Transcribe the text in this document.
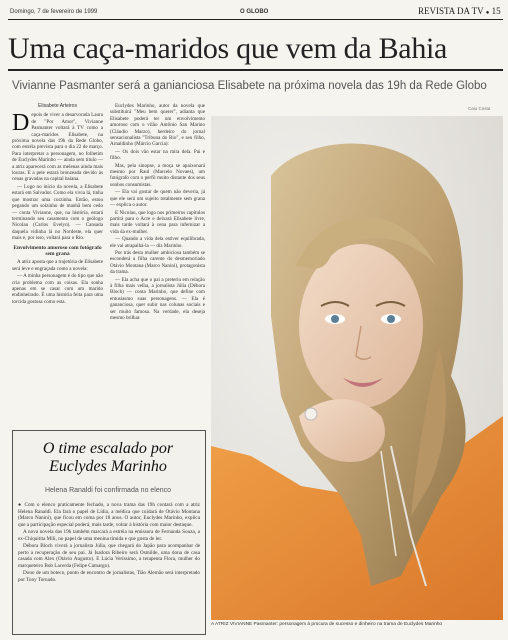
Domingo, 7 de fevereiro de 1999	O GLOBO	REVISTA DA TV ● 15
Uma caça-maridos que vem da Bahia

Vivianne Pasmanter será a ganianciosa Elisabete na próxima novela das 19h da Rede Globo

Elisabete Arteiros
D epois de viver a desarvorada Laura de "Por Amor", Vivianne Pasmanter voltará à TV como a caça-maridos Elisabete, na próxima novela das 19h da Rede Globo, com estréia prevista para o dia 22 de março. Para interpretar a personagem, no folhetim de Euclydes Marinho — ainda sem título — a atriz aparecerá com as melenas ainda mais louras. E a pele estará bronzeada devido às cenas gravadas na capital baiana.

— Logo no início da novela, a Elisabete estará em Salvador. Como ela vivia lá, tinha que mostrar uma corzinha. Então, estou pegando um solzinho de manhã bem cedo — conta Vivianne, que, na história, estará terminando seu casamento com o geólogo Nicolau (Carlos Evelyn). — Cansada daquela vidinha lá no Nordeste, ela quer mais e, por isso, voltará para o Rio.

Envolvimento amoroso com fotógrafo sem grana

A atriz aposta que a trajetória de Elisabete será leve e engraçada como a novela:

— A minha personagem é do tipo que não cria problema com as coisas. Ela sonha apenas em se casar com um marido endinheirado. É uma história feita para uma torcida gostosa como esta.

Euclydes Marinho, autor da novela que substituirá "Meu bem querer", adianta que Elisabete poderá ter um envolvimento amoroso com o vilão Antônio San Marino (Cláudio Marzo), herdeiro do jornal sensacionalista "Tribuna do Rio", e seu filho, Arnaldinho (Márcio Garcia):

— Os dois vão estar na mira dela. Pai e filho.

Mas, pela sinopse, a moça se apaixonará mesmo por Raul (Marcelo Novaes), um fotógrafo com o perfil muito distante dos seus sonhos consumistas.

— Ela vai gostar de quem não deveria, já que ele será um sujeito totalmente sem grana — explica o autor.

E Nicolau, que logo nos primeiros capítulos partirá para o Acre e deixará Elisabete livre, mais tarde voltará à cena para infernizar a vida da ex-mulher.

— Quando a vida dela estiver equilibrada, ele vai atrapalhá-la — diz Marinho.

Por trás desta mulher ambiciosa também se esconderá a filha carente do desmemoriado Otávio Montana (Marco Nanini), protagonista da trama.

— Ela acha que o pai a preteriu em relação à filha mais velha, a jornalista Júlia (Débora Bloch) — conta Marinho, que define com entusiasmo suas personagens. — Ela é gananciosa, quer subir nas colunas sociais e ser muito famosa. Na verdade, ela deseja mesmo brilhar.

Caio Costa
A ATRIZ VIVIANNE Pasmanter: personagem à procura de sucesso e dinheiro na trama de Euclydes Marinho
O time escalado por Euclydes Marinho

Helena Ranaldi foi confirmada no elenco

● Com o elenco praticamente fechado, a nova trama das 19h contará com a atriz Helena Ranaldi. Ela fará o papel de Lídia, a médica que cuidará de Otávio Montana (Marco Nanini), que ficou em coma por 18 anos. O autor, Euclydes Marinho, explica que a participação especial poderá, mais tarde, voltar à história com maior destaque.

A nova novela das 19h também marcará a estréia na emissora de Fernanda Souza, a ex-Chiquitita Mili, no papel de uma menina tímida e que gosta de ler.

Débora Bloch viverá a jornalista Júlia, que chegará do Japão para acompanhar de perto a recuperação de seu pai. Já Isadora Ribeiro será Osmilde, uma dona de casa casada com Alex (Otávio Augusto). E Lúcia Veríssimo, a terapeuta Flora, mulher do marqueteiro Bob Lacerda (Felipe Camargo).

Dono de um boteco, ponto de encontro de jornalistas, Tião Alemão será interpretado por Tony Tornado.
